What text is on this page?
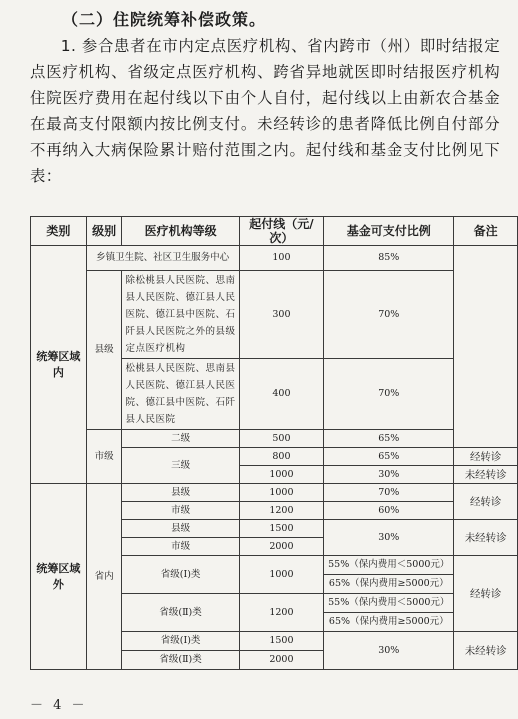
（二）住院统筹补偿政策。
1. 参合患者在市内定点医疗机构、省内跨市（州）即时结报定点医疗机构、省级定点医疗机构、跨省异地就医即时结报医疗机构住院医疗费用在起付线以下由个人自付，起付线以上由新农合基金在最高支付限额内按比例支付。未经转诊的患者降低比例自付部分不再纳入大病保险累计赔付范围之内。起付线和基金支付比例见下表：
类别	级别	医疗机构等级	起付线（元/次）	基金可支付比例	备注
统筹区域内	乡镇卫生院、社区卫生服务中心		100	85%	
	县级	除松桃县人民医院、思南县人民医院、德江县人民医院、德江县中医院、石阡县人民医院之外的县级定点医疗机构	300	70%	
		松桃县人民医院、思南县人民医院、德江县人民医院、德江县中医院、石阡县人民医院	400	70%	
	市级	二级	500	65%	
		三级	800	65%	经转诊
			1000	30%	未经转诊
统筹区域外	省内	县级	1000	70%	经转诊
		市级	1200	60%	
		县级	1500	30%	未经转诊
		市级	2000		
		省级(Ⅰ)类	1000	55%（保内费用＜5000元）	经转诊
				65%（保内费用≥5000元）	
		省级(Ⅱ)类	1200	55%（保内费用＜5000元）	
				65%（保内费用≥5000元）	
		省级(Ⅰ)类	1500	30%	未经转诊
		省级(Ⅱ)类	2000		
－ 4 －
